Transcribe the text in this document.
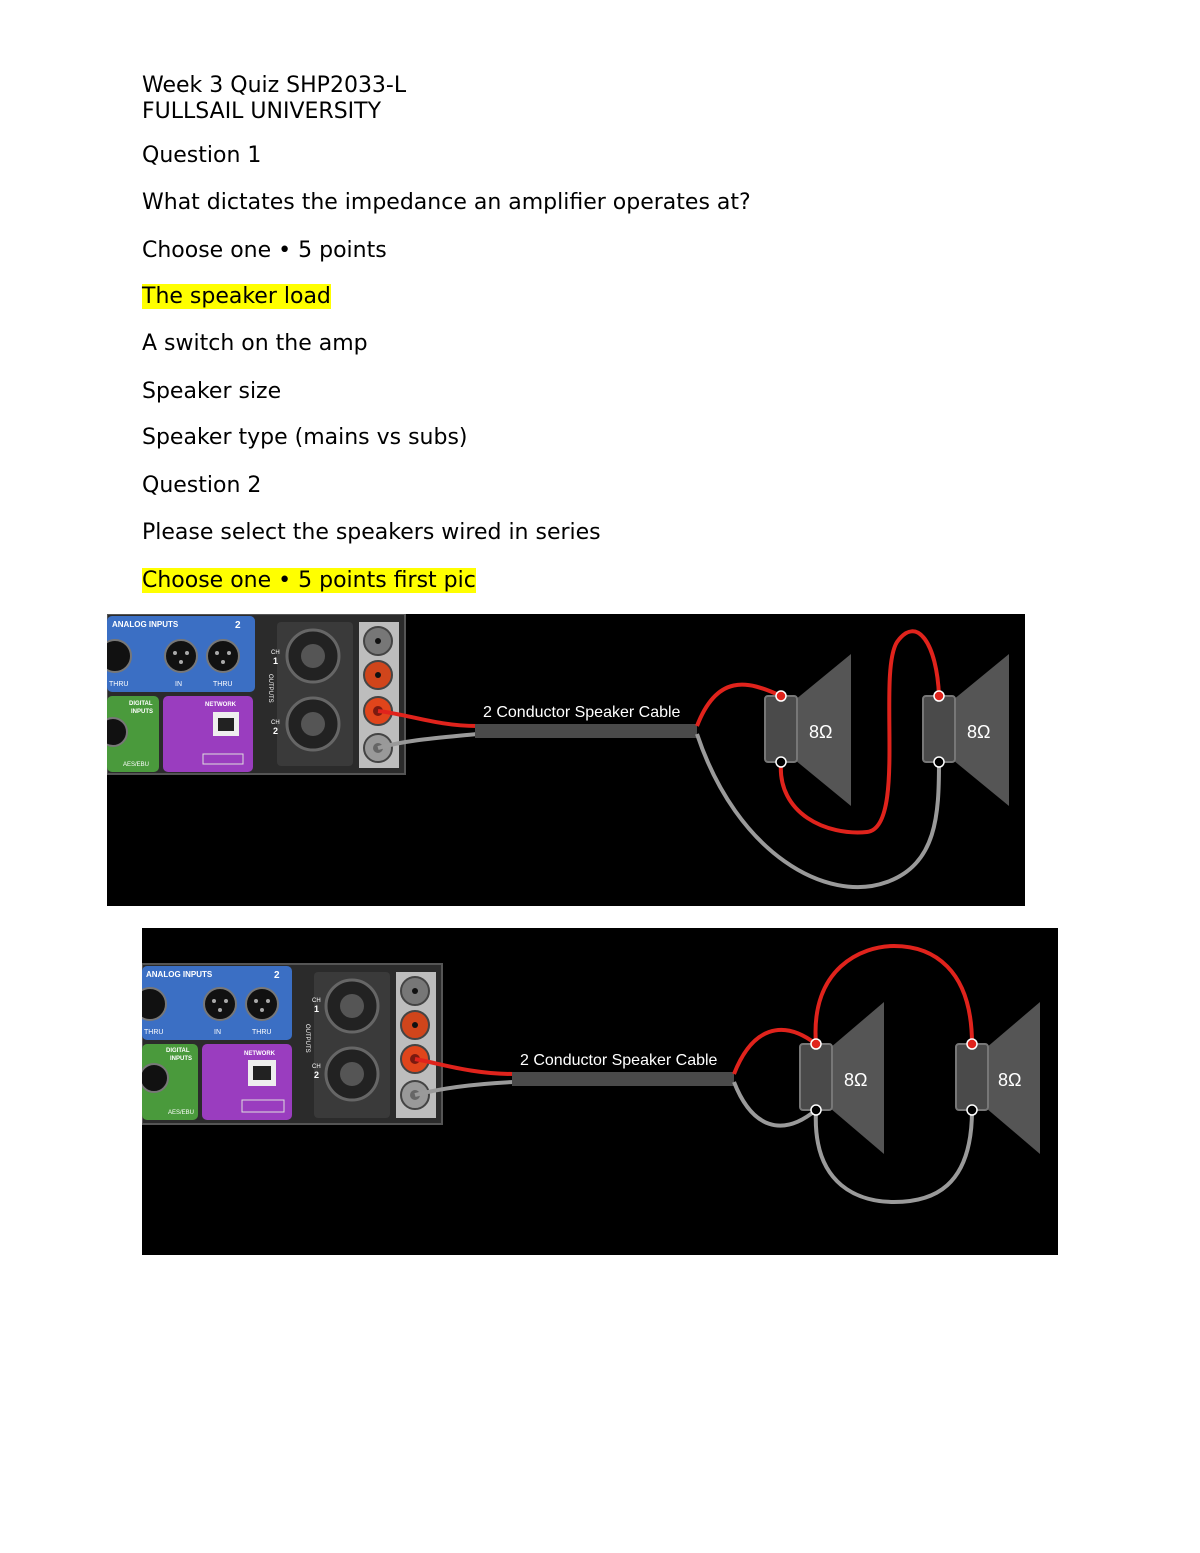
Week 3 Quiz SHP2033-L
FULLSAIL UNIVERSITY
Question 1
What dictates the impedance an amplifier operates at?
Choose one • 5 points
The speaker load
A switch on the amp
Speaker size
Speaker type (mains vs subs)
Question 2
Please select the speakers wired in series
Choose one • 5 points first pic
ANALOG INPUTS	2
THRU	IN	THRU
DIGITAL
INPUTS
AES/EBU
NETWORK
OUTPUTS
CH
1
CH
2
2 Conductor Speaker Cable
8Ω	8Ω
ANALOG INPUTS	2
THRU	IN	THRU
DIGITAL
INPUTS
AES/EBU
NETWORK
OUTPUTS
CH
1
CH
2
2 Conductor Speaker Cable
8Ω	8Ω
